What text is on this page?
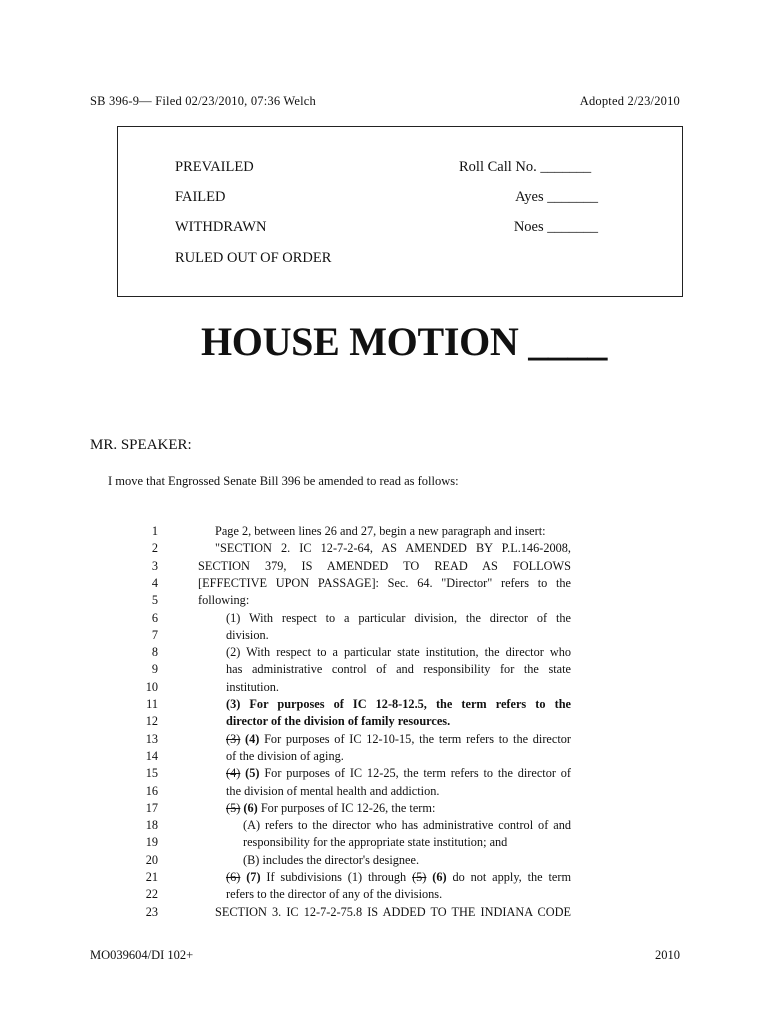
SB 396-9— Filed 02/23/2010, 07:36 Welch	Adopted 2/23/2010
PREVAILED
FAILED
WITHDRAWN
RULED OUT OF ORDER
Roll Call No. _______
Ayes _______
Noes _______
HOUSE MOTION ____
MR. SPEAKER:
I move that Engrossed Senate Bill 396 be amended to read as follows:
1	Page 2, between lines 26 and 27, begin a new paragraph and insert:
2	"SECTION 2. IC 12-7-2-64, AS AMENDED BY P.L.146-2008,
3	SECTION 379, IS AMENDED TO READ AS FOLLOWS
4	[EFFECTIVE UPON PASSAGE]: Sec. 64. "Director" refers to the
5	following:
6	(1) With respect to a particular division, the director of the
7	division.
8	(2) With respect to a particular state institution, the director who
9	has administrative control of and responsibility for the state
10	institution.
11	(3) For purposes of IC 12-8-12.5, the term refers to the
12	director of the division of family resources.
13	(3) (4) For purposes of IC 12-10-15, the term refers to the director
14	of the division of aging.
15	(4) (5) For purposes of IC 12-25, the term refers to the director of
16	the division of mental health and addiction.
17	(5) (6) For purposes of IC 12-26, the term:
18	(A) refers to the director who has administrative control of and
19	responsibility for the appropriate state institution; and
20	(B) includes the director's designee.
21	(6) (7) If subdivisions (1) through (5) (6) do not apply, the term
22	refers to the director of any of the divisions.
23	SECTION 3. IC 12-7-2-75.8 IS ADDED TO THE INDIANA CODE
MO039604/DI 102+	2010
